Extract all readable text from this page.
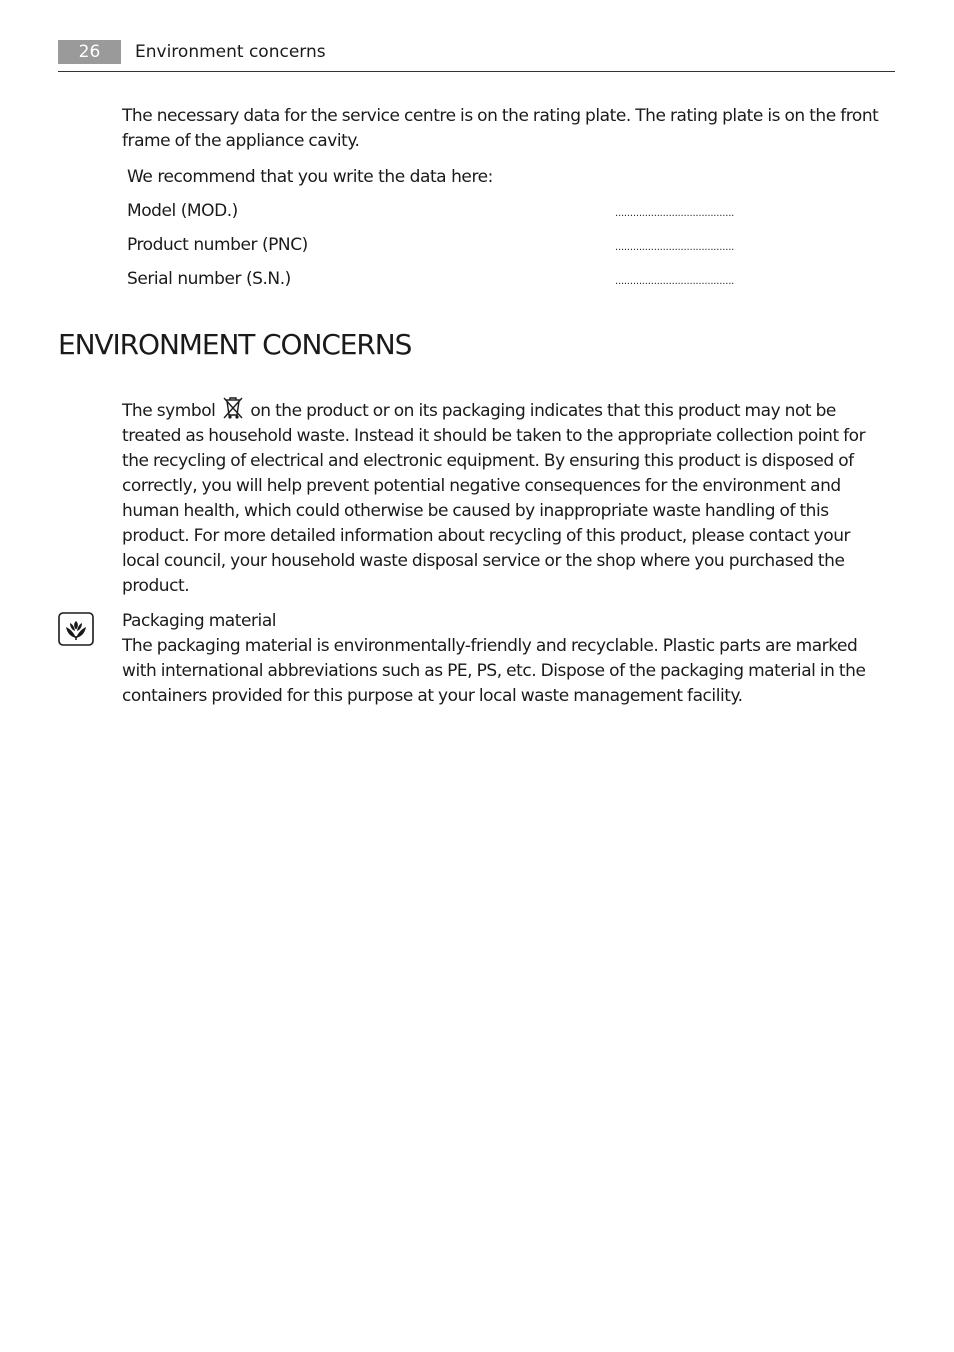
26	Environment concerns

The necessary data for the service centre is on the rating plate. The rating plate is on the front frame of the appliance cavity.

We recommend that you write the data here:
Model (MOD.)	........................................
Product number (PNC)	........................................
Serial number (S.N.)	........................................
ENVIRONMENT CONCERNS

The symbol on the product or on its packaging indicates that this product may not be treated as household waste. Instead it should be taken to the appropriate collection point for the recycling of electrical and electronic equipment. By ensuring this product is disposed of correctly, you will help prevent potential negative consequences for the environment and human health, which could otherwise be caused by inappropriate waste handling of this product. For more detailed information about recycling of this product, please contact your local council, your household waste disposal service or the shop where you purchased the product.

Packaging material
The packaging material is environmentally-friendly and recyclable. Plastic parts are marked with international abbreviations such as PE, PS, etc. Dispose of the packaging material in the containers provided for this purpose at your local waste management facility.
